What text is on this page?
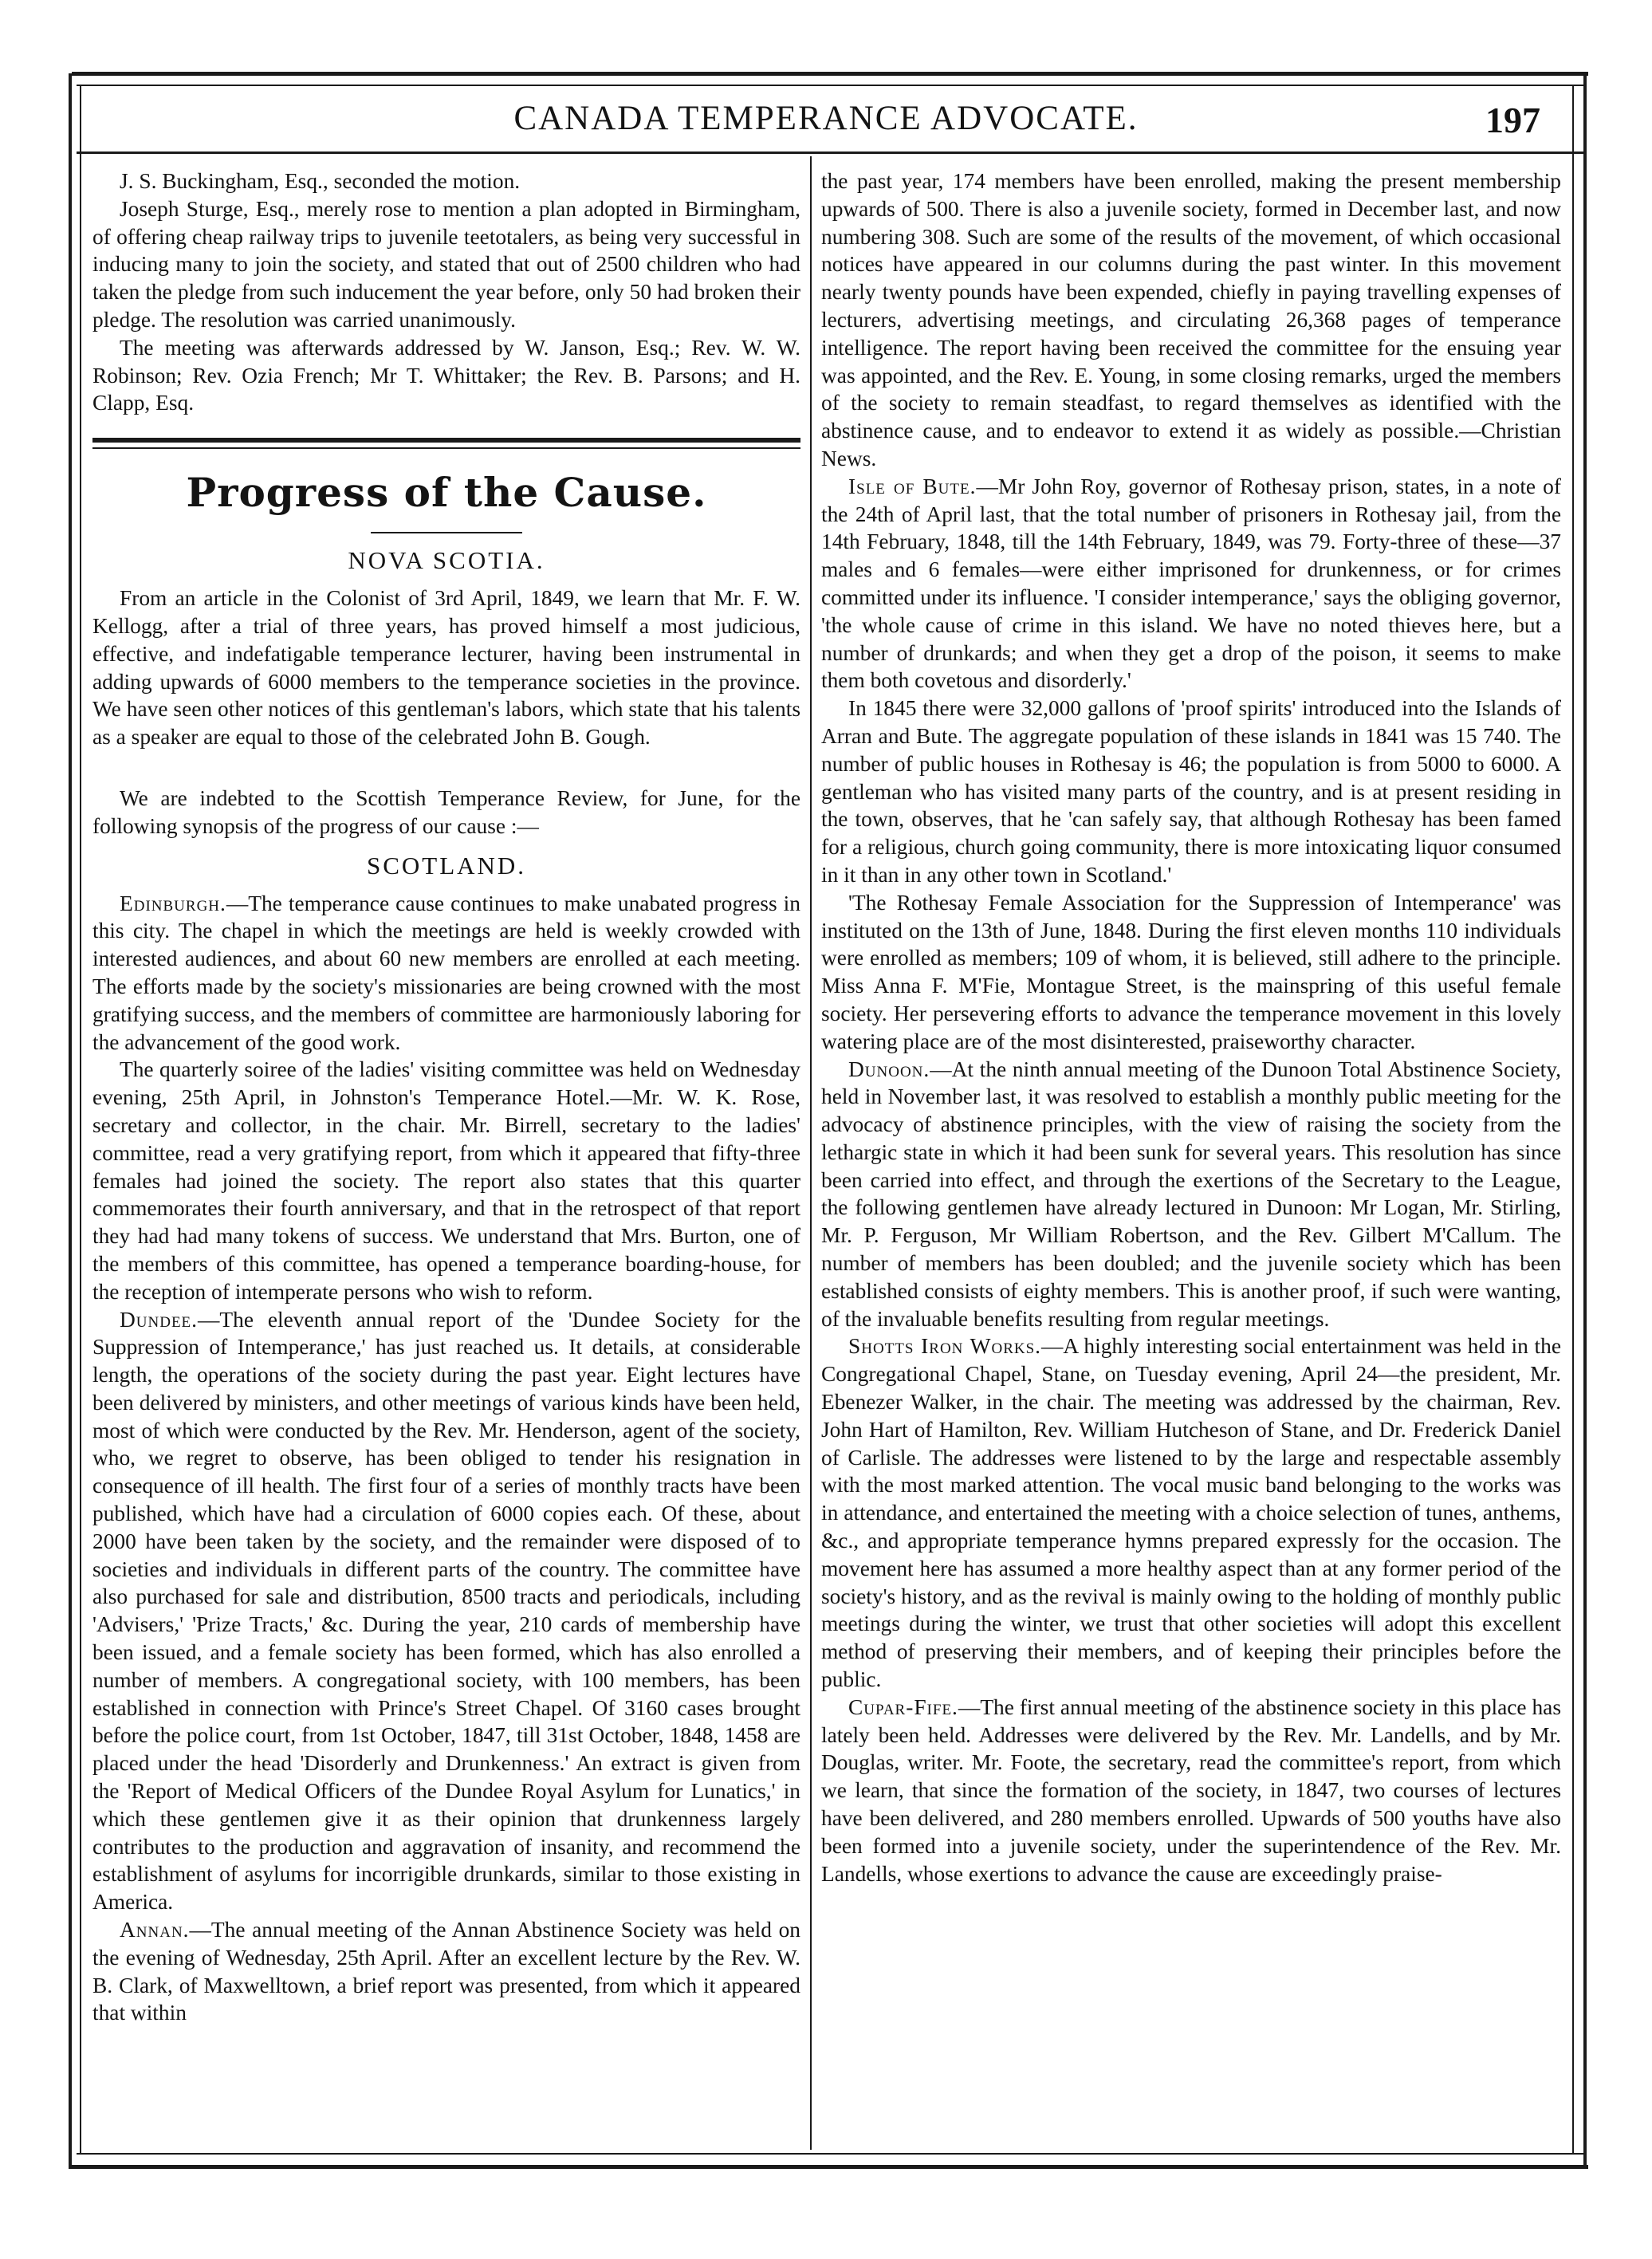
CANADA TEMPERANCE ADVOCATE.	197

J. S. Buckingham, Esq., seconded the motion.

Joseph Sturge, Esq., merely rose to mention a plan adopted in Birmingham, of offering cheap railway trips to juvenile teetotalers, as being very successful in inducing many to join the society, and stated that out of 2500 children who had taken the pledge from such inducement the year before, only 50 had broken their pledge. The resolution was carried unanimously.

The meeting was afterwards addressed by W. Janson, Esq.; Rev. W. W. Robinson; Rev. Ozia French; Mr T. Whittaker; the Rev. B. Parsons; and H. Clapp, Esq.

Progress of the Cause.
NOVA SCOTIA.

From an article in the Colonist of 3rd April, 1849, we learn that Mr. F. W. Kellogg, after a trial of three years, has proved himself a most judicious, effective, and indefatigable temperance lecturer, having been instrumental in adding upwards of 6000 members to the temperance societies in the province. We have seen other notices of this gentleman's labors, which state that his talents as a speaker are equal to those of the celebrated John B. Gough.

We are indebted to the Scottish Temperance Review, for June, for the following synopsis of the progress of our cause :—

SCOTLAND.

Edinburgh.—The temperance cause continues to make unabated progress in this city. The chapel in which the meetings are held is weekly crowded with interested audiences, and about 60 new members are enrolled at each meeting. The efforts made by the society's missionaries are being crowned with the most gratifying success, and the members of committee are harmoniously laboring for the advancement of the good work.

The quarterly soiree of the ladies' visiting committee was held on Wednesday evening, 25th April, in Johnston's Temperance Hotel.—Mr. W. K. Rose, secretary and collector, in the chair. Mr. Birrell, secretary to the ladies' committee, read a very gratifying report, from which it appeared that fifty-three females had joined the society. The report also states that this quarter commemorates their fourth anniversary, and that in the retrospect of that report they had had many tokens of success. We understand that Mrs. Burton, one of the members of this committee, has opened a temperance boarding-house, for the reception of intemperate persons who wish to reform.

Dundee.—The eleventh annual report of the 'Dundee Society for the Suppression of Intemperance,' has just reached us. It details, at considerable length, the operations of the society during the past year. Eight lectures have been delivered by ministers, and other meetings of various kinds have been held, most of which were conducted by the Rev. Mr. Henderson, agent of the society, who, we regret to observe, has been obliged to tender his resignation in consequence of ill health. The first four of a series of monthly tracts have been published, which have had a circulation of 6000 copies each. Of these, about 2000 have been taken by the society, and the remainder were disposed of to societies and individuals in different parts of the country. The committee have also purchased for sale and distribution, 8500 tracts and periodicals, including 'Advisers,' 'Prize Tracts,' &c. During the year, 210 cards of membership have been issued, and a female society has been formed, which has also enrolled a number of members. A congregational society, with 100 members, has been established in connection with Prince's Street Chapel. Of 3160 cases brought before the police court, from 1st October, 1847, till 31st October, 1848, 1458 are placed under the head 'Disorderly and Drunkenness.' An extract is given from the 'Report of Medical Officers of the Dundee Royal Asylum for Lunatics,' in which these gentlemen give it as their opinion that drunkenness largely contributes to the production and aggravation of insanity, and recommend the establishment of asylums for incorrigible drunkards, similar to those existing in America.

Annan.—The annual meeting of the Annan Abstinence Society was held on the evening of Wednesday, 25th April. After an excellent lecture by the Rev. W. B. Clark, of Maxwelltown, a brief report was presented, from which it appeared that within

the past year, 174 members have been enrolled, making the present membership upwards of 500. There is also a juvenile society, formed in December last, and now numbering 308. Such are some of the results of the movement, of which occasional notices have appeared in our columns during the past winter. In this movement nearly twenty pounds have been expended, chiefly in paying travelling expenses of lecturers, advertising meetings, and circulating 26,368 pages of temperance intelligence. The report having been received the committee for the ensuing year was appointed, and the Rev. E. Young, in some closing remarks, urged the members of the society to remain steadfast, to regard themselves as identified with the abstinence cause, and to endeavor to extend it as widely as possible.—Christian News.

Isle of Bute.—Mr John Roy, governor of Rothesay prison, states, in a note of the 24th of April last, that the total number of prisoners in Rothesay jail, from the 14th February, 1848, till the 14th February, 1849, was 79. Forty-three of these—37 males and 6 females—were either imprisoned for drunkenness, or for crimes committed under its influence. 'I consider intemperance,' says the obliging governor, 'the whole cause of crime in this island. We have no noted thieves here, but a number of drunkards; and when they get a drop of the poison, it seems to make them both covetous and disorderly.'

In 1845 there were 32,000 gallons of 'proof spirits' introduced into the Islands of Arran and Bute. The aggregate population of these islands in 1841 was 15 740. The number of public houses in Rothesay is 46; the population is from 5000 to 6000. A gentleman who has visited many parts of the country, and is at present residing in the town, observes, that he 'can safely say, that although Rothesay has been famed for a religious, church going community, there is more intoxicating liquor consumed in it than in any other town in Scotland.'

'The Rothesay Female Association for the Suppression of Intemperance' was instituted on the 13th of June, 1848. During the first eleven months 110 individuals were enrolled as members; 109 of whom, it is believed, still adhere to the principle. Miss Anna F. M'Fie, Montague Street, is the mainspring of this useful female society. Her persevering efforts to advance the temperance movement in this lovely watering place are of the most disinterested, praiseworthy character.

Dunoon.—At the ninth annual meeting of the Dunoon Total Abstinence Society, held in November last, it was resolved to establish a monthly public meeting for the advocacy of abstinence principles, with the view of raising the society from the lethargic state in which it had been sunk for several years. This resolution has since been carried into effect, and through the exertions of the Secretary to the League, the following gentlemen have already lectured in Dunoon: Mr Logan, Mr. Stirling, Mr. P. Ferguson, Mr William Robertson, and the Rev. Gilbert M'Callum. The number of members has been doubled; and the juvenile society which has been established consists of eighty members. This is another proof, if such were wanting, of the invaluable benefits resulting from regular meetings.

Shotts Iron Works.—A highly interesting social entertainment was held in the Congregational Chapel, Stane, on Tuesday evening, April 24—the president, Mr. Ebenezer Walker, in the chair. The meeting was addressed by the chairman, Rev. John Hart of Hamilton, Rev. William Hutcheson of Stane, and Dr. Frederick Daniel of Carlisle. The addresses were listened to by the large and respectable assembly with the most marked attention. The vocal music band belonging to the works was in attendance, and entertained the meeting with a choice selection of tunes, anthems, &c., and appropriate temperance hymns prepared expressly for the occasion. The movement here has assumed a more healthy aspect than at any former period of the society's history, and as the revival is mainly owing to the holding of monthly public meetings during the winter, we trust that other societies will adopt this excellent method of preserving their members, and of keeping their principles before the public.

Cupar-Fife.—The first annual meeting of the abstinence society in this place has lately been held. Addresses were delivered by the Rev. Mr. Landells, and by Mr. Douglas, writer. Mr. Foote, the secretary, read the committee's report, from which we learn, that since the formation of the society, in 1847, two courses of lectures have been delivered, and 280 members enrolled. Upwards of 500 youths have also been formed into a juvenile society, under the superintendence of the Rev. Mr. Landells, whose exertions to advance the cause are exceedingly praise-
